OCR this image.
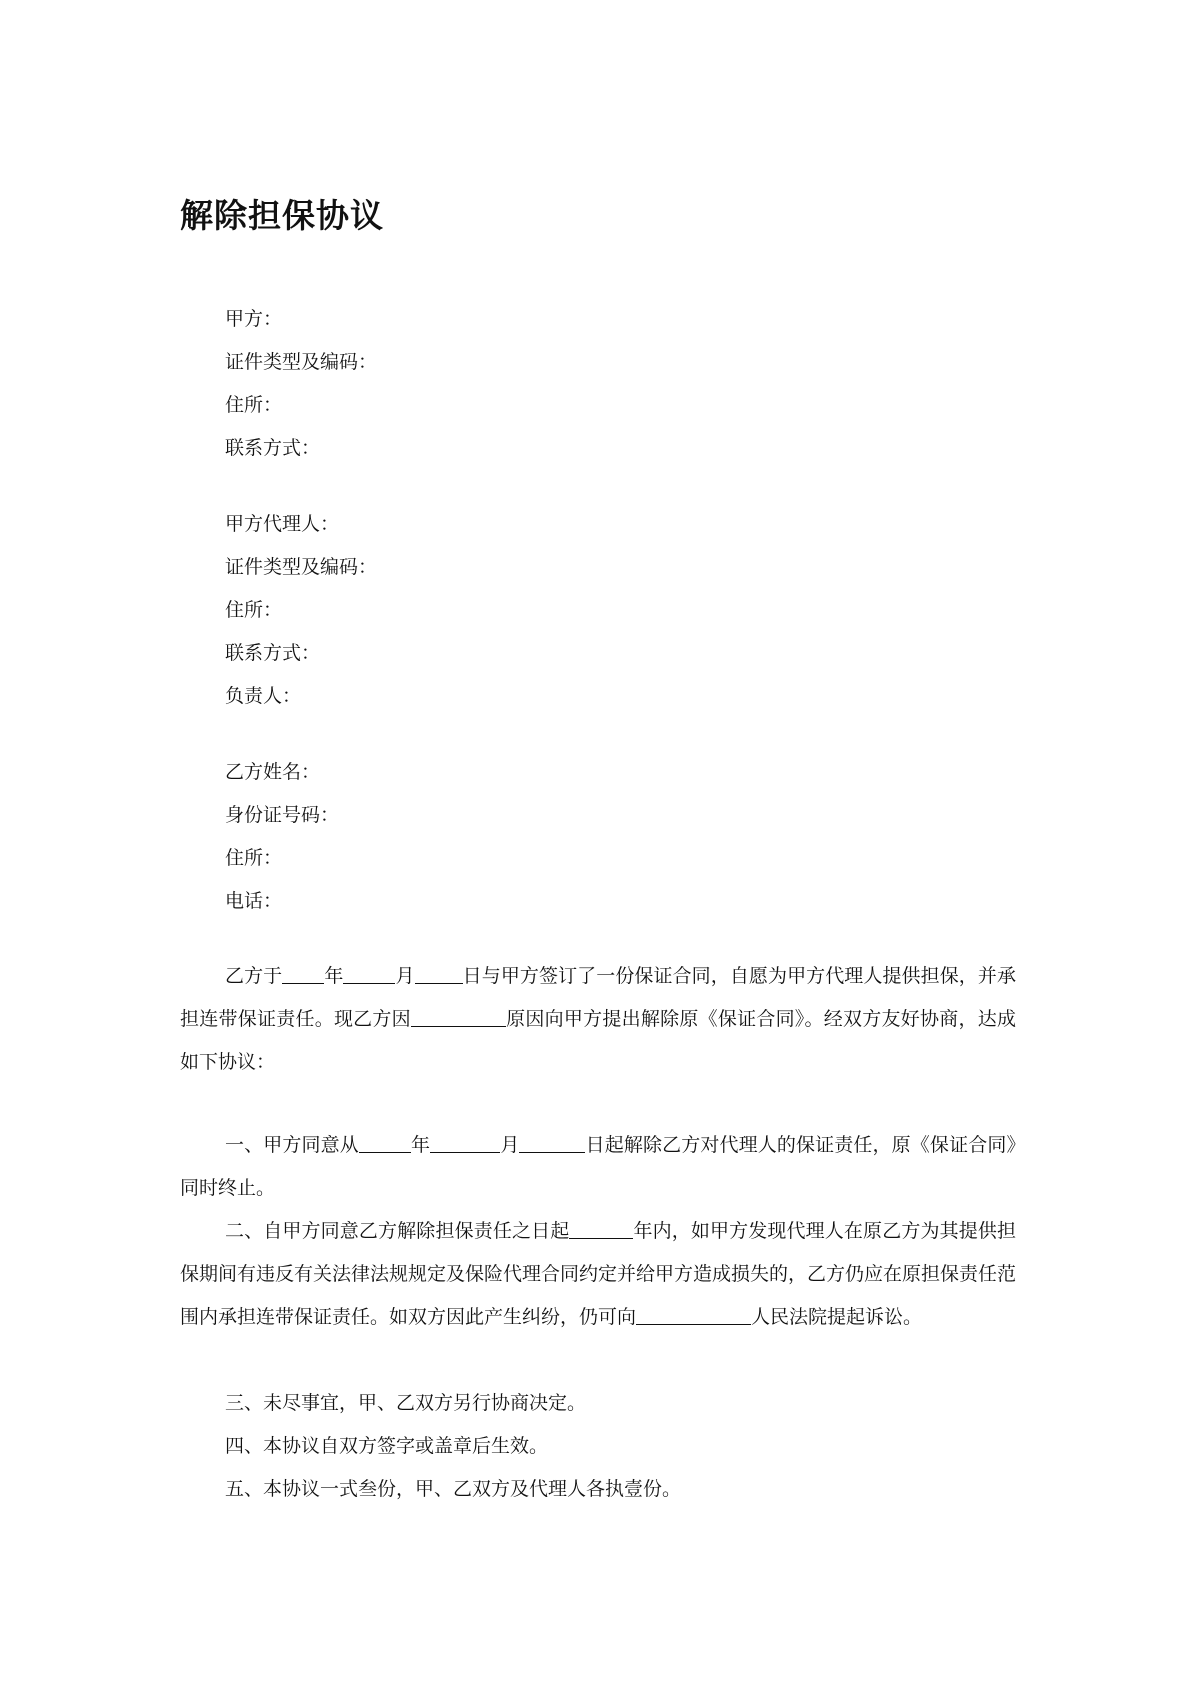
解除担保协议
甲方：
证件类型及编码：
住所：
联系方式：
甲方代理人：
证件类型及编码：
住所：
联系方式：
负责人：
乙方姓名：
身份证号码：
住所：
电话：

乙方于 年	月	日与甲方签订了一份保证合同，自愿为甲方代理人提供担保，并承担连带保证责任。现乙方因	原因向甲方提出解除原《保证合同》。经双方友好协商，达成如下协议：

一、甲方同意从	年	月	日起解除乙方对代理人的保证责任，原《保证合同》同时终止。

二、自甲方同意乙方解除担保责任之日起	年内，如甲方发现代理人在原乙方为其提供担保期间有违反有关法律法规规定及保险代理合同约定并给甲方造成损失的，乙方仍应在原担保责任范围内承担连带保证责任。如双方因此产生纠纷，仍可向	人民法院提起诉讼。

三、未尽事宜，甲、乙双方另行协商决定。

四、本协议自双方签字或盖章后生效。

五、本协议一式叁份，甲、乙双方及代理人各执壹份。
